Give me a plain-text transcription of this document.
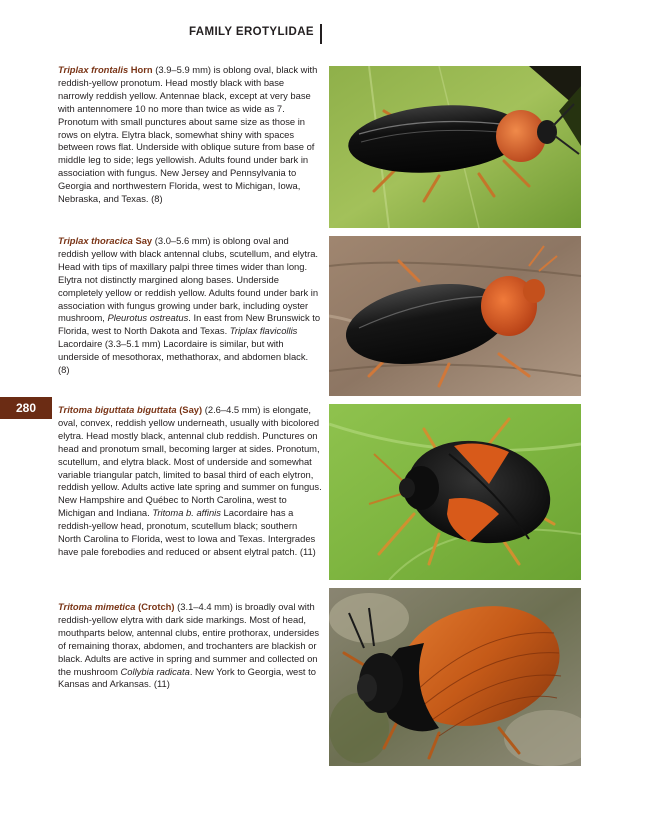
FAMILY EROTYLIDAE
280
Triplax frontalis Horn (3.9–5.9 mm) is oblong oval, black with reddish-yellow pronotum. Head mostly black with base narrowly reddish yellow. Antennae black, except at very base with antennomere 10 no more than twice as wide as 7. Pronotum with small punctures about same size as those in rows on elytra. Elytra black, somewhat shiny with spaces between rows flat. Underside with oblique suture from base of middle leg to side; legs yellowish. Adults found under bark in association with fungus. New Jersey and Pennsylvania to Georgia and northwestern Florida, west to Michigan, Iowa, Nebraska, and Texas. (8)
Triplax thoracica Say (3.0–5.6 mm) is oblong oval and reddish yellow with black antennal clubs, scutellum, and elytra. Head with tips of maxillary palpi three times wider than long. Elytra not distinctly margined along bases. Underside completely yellow or reddish yellow. Adults found under bark in association with fungus growing under bark, including oyster mushroom, Pleurotus ostreatus. In east from New Brunswick to Florida, west to North Dakota and Texas. Triplax flavicollis Lacordaire (3.3–5.1 mm) Lacordaire is similar, but with underside of mesothorax, methathorax, and abdomen black. (8)
Tritoma biguttata biguttata (Say) (2.6–4.5 mm) is elongate, oval, convex, reddish yellow underneath, usually with bicolored elytra. Head mostly black, antennal club reddish. Punctures on head and pronotum small, becoming larger at sides. Pronotum, scutellum, and elytra black. Most of underside and somewhat variable triangular patch, limited to basal third of each elytron, reddish yellow. Adults active late spring and summer on fungus. New Hampshire and Québec to North Carolina, west to Michigan and Indiana. Tritoma b. affinis Lacordaire has a reddish-yellow head, pronotum, scutellum black; southern North Carolina to Florida, west to Iowa and Texas. Intergrades have pale forebodies and reduced or absent elytral patch. (11)
Tritoma mimetica (Crotch) (3.1–4.4 mm) is broadly oval with reddish-yellow elytra with dark side markings. Most of head, mouthparts below, antennal clubs, entire prothorax, undersides of remaining thorax, abdomen, and trochanters are blackish or black. Adults are active in spring and summer and collected on the mushroom Collybia radicata. New York to Georgia, west to Kansas and Arkansas. (11)
